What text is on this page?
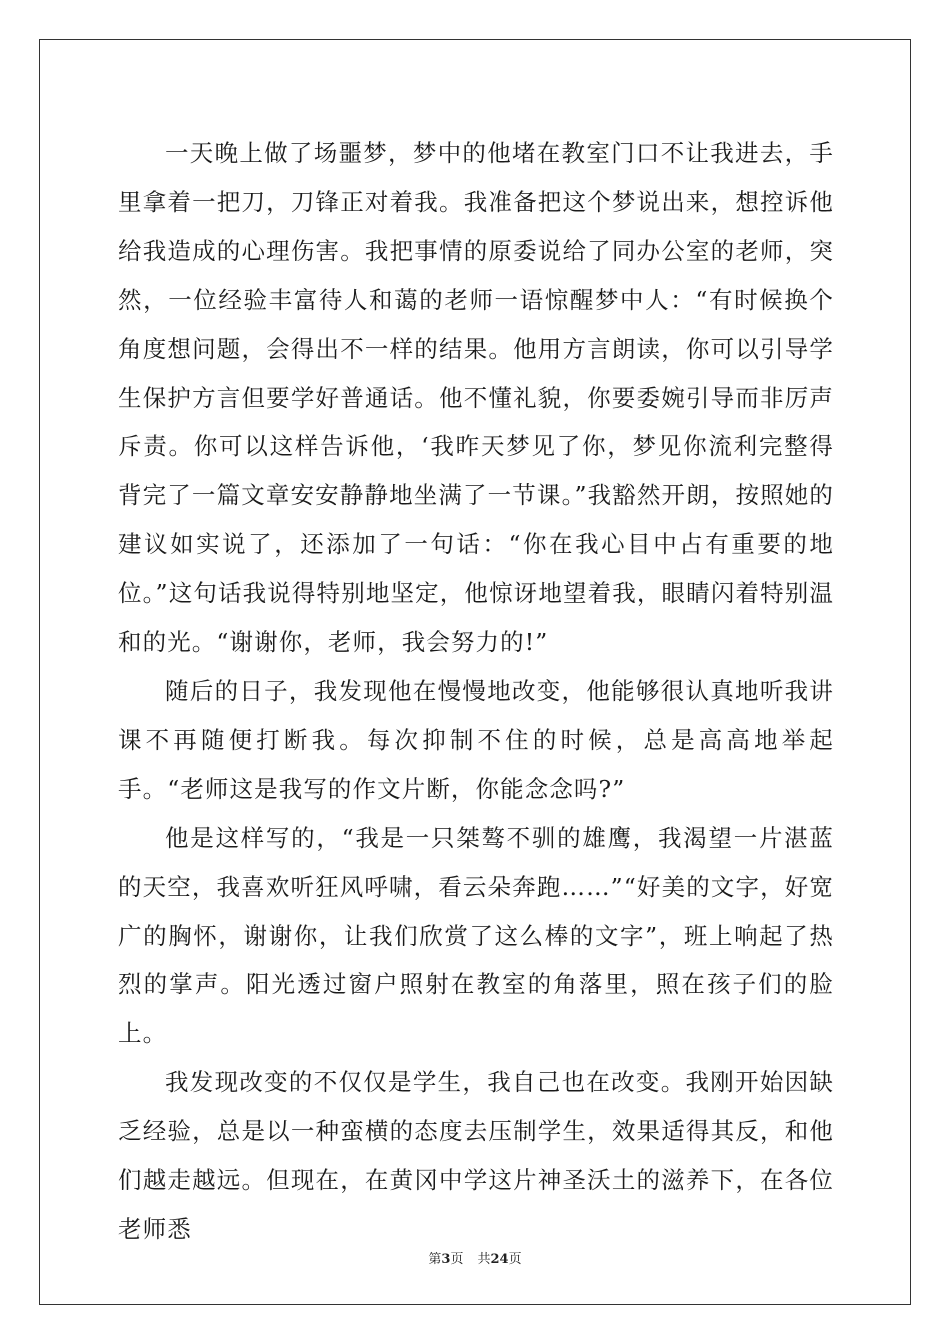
一天晚上做了场噩梦，梦中的他堵在教室门口不让我进去，手里拿着一把刀，刀锋正对着我。我准备把这个梦说出来，想控诉他给我造成的心理伤害。我把事情的原委说给了同办公室的老师，突然，一位经验丰富待人和蔼的老师一语惊醒梦中人：“有时候换个角度想问题，会得出不一样的结果。他用方言朗读，你可以引导学生保护方言但要学好普通话。他不懂礼貌，你要委婉引导而非厉声斥责。你可以这样告诉他，‘我昨天梦见了你，梦见你流利完整得背完了一篇文章安安静静地坐满了一节课。”我豁然开朗，按照她的建议如实说了，还添加了一句话：“你在我心目中占有重要的地位。”这句话我说得特别地坚定，他惊讶地望着我，眼睛闪着特别温和的光。“谢谢你，老师，我会努力的!”

随后的日子，我发现他在慢慢地改变，他能够很认真地听我讲课不再随便打断我。每次抑制不住的时候，总是高高地举起手。“老师这是我写的作文片断，你能念念吗?”

他是这样写的，“我是一只桀骜不驯的雄鹰，我渴望一片湛蓝的天空，我喜欢听狂风呼啸，看云朵奔跑……”“好美的文字，好宽广的胸怀，谢谢你，让我们欣赏了这么棒的文字”，班上响起了热烈的掌声。阳光透过窗户照射在教室的角落里，照在孩子们的脸上。

我发现改变的不仅仅是学生，我自己也在改变。我刚开始因缺乏经验，总是以一种蛮横的态度去压制学生，效果适得其反，和他们越走越远。但现在，在黄冈中学这片神圣沃土的滋养下，在各位老师悉

第3页 共24页
